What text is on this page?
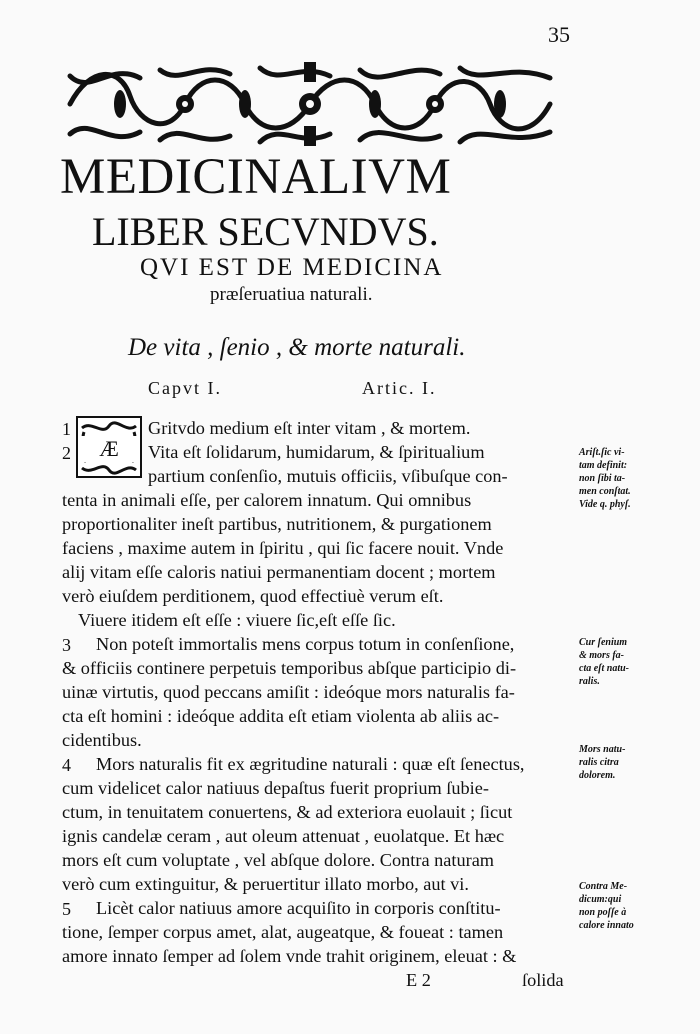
35
MEDICINALIVM
LIBER SECVNDVS.
QVI EST DE MEDICINA
præſeruatiua naturali.
De vita , ſenio , & morte naturali.
Capvt I.	Artic. I.
Æ
1	Gritvdo medium eſt inter vitam , & mortem.
2	Vita eſt ſolidarum, humidarum, & ſpiritualium
partium conſenſio, mutuis officiis, vſibuſque con-
tenta in animali eſſe, per calorem innatum. Qui omnibus
proportionaliter ineſt partibus, nutritionem, & purgationem
faciens , maxime autem in ſpiritu , qui ſic facere nouit. Vnde
alij vitam eſſe caloris natiui permanentiam docent ; mortem
verò eiuſdem perditionem, quod effectiuè verum eſt.
Viuere itidem eſt eſſe : viuere ſic,eſt eſſe ſic.
3 Non poteſt immortalis mens corpus totum in conſenſione,
& officiis continere perpetuis temporibus abſque participio di-
uinæ virtutis, quod peccans amiſit : ideóque mors naturalis fa-
cta eſt homini : ideóque addita eſt etiam violenta ab aliis ac-
cidentibus.
4 Mors naturalis fit ex ægritudine naturali : quæ eſt ſenectus,
cum videlicet calor natiuus depaſtus fuerit proprium ſubie-
ctum, in tenuitatem conuertens, & ad exteriora euolauit ; ſicut
ignis candelæ ceram , aut oleum attenuat , euolatque. Et hæc
mors eſt cum voluptate , vel abſque dolore. Contra naturam
verò cum extinguitur, & peruertitur illato morbo, aut vi.
5 Licèt calor natiuus amore acquiſito in corporis conſtitu-
tione, ſemper corpus amet, alat, augeatque, & foueat : tamen
amore innato ſemper ad ſolem vnde trahit originem, eleuat : &
E 2	ſolida
Ariſt.ſic vi-
tam definit:
non ſibi ta-
men conſtat.
Vide q. phyſ.
Cur ſenium
& mors fa-
cta eſt natu-
ralis.
Mors natu-
ralis citra
dolorem.
Contra Me-
dicum:qui
non poſſe à
calore innato
